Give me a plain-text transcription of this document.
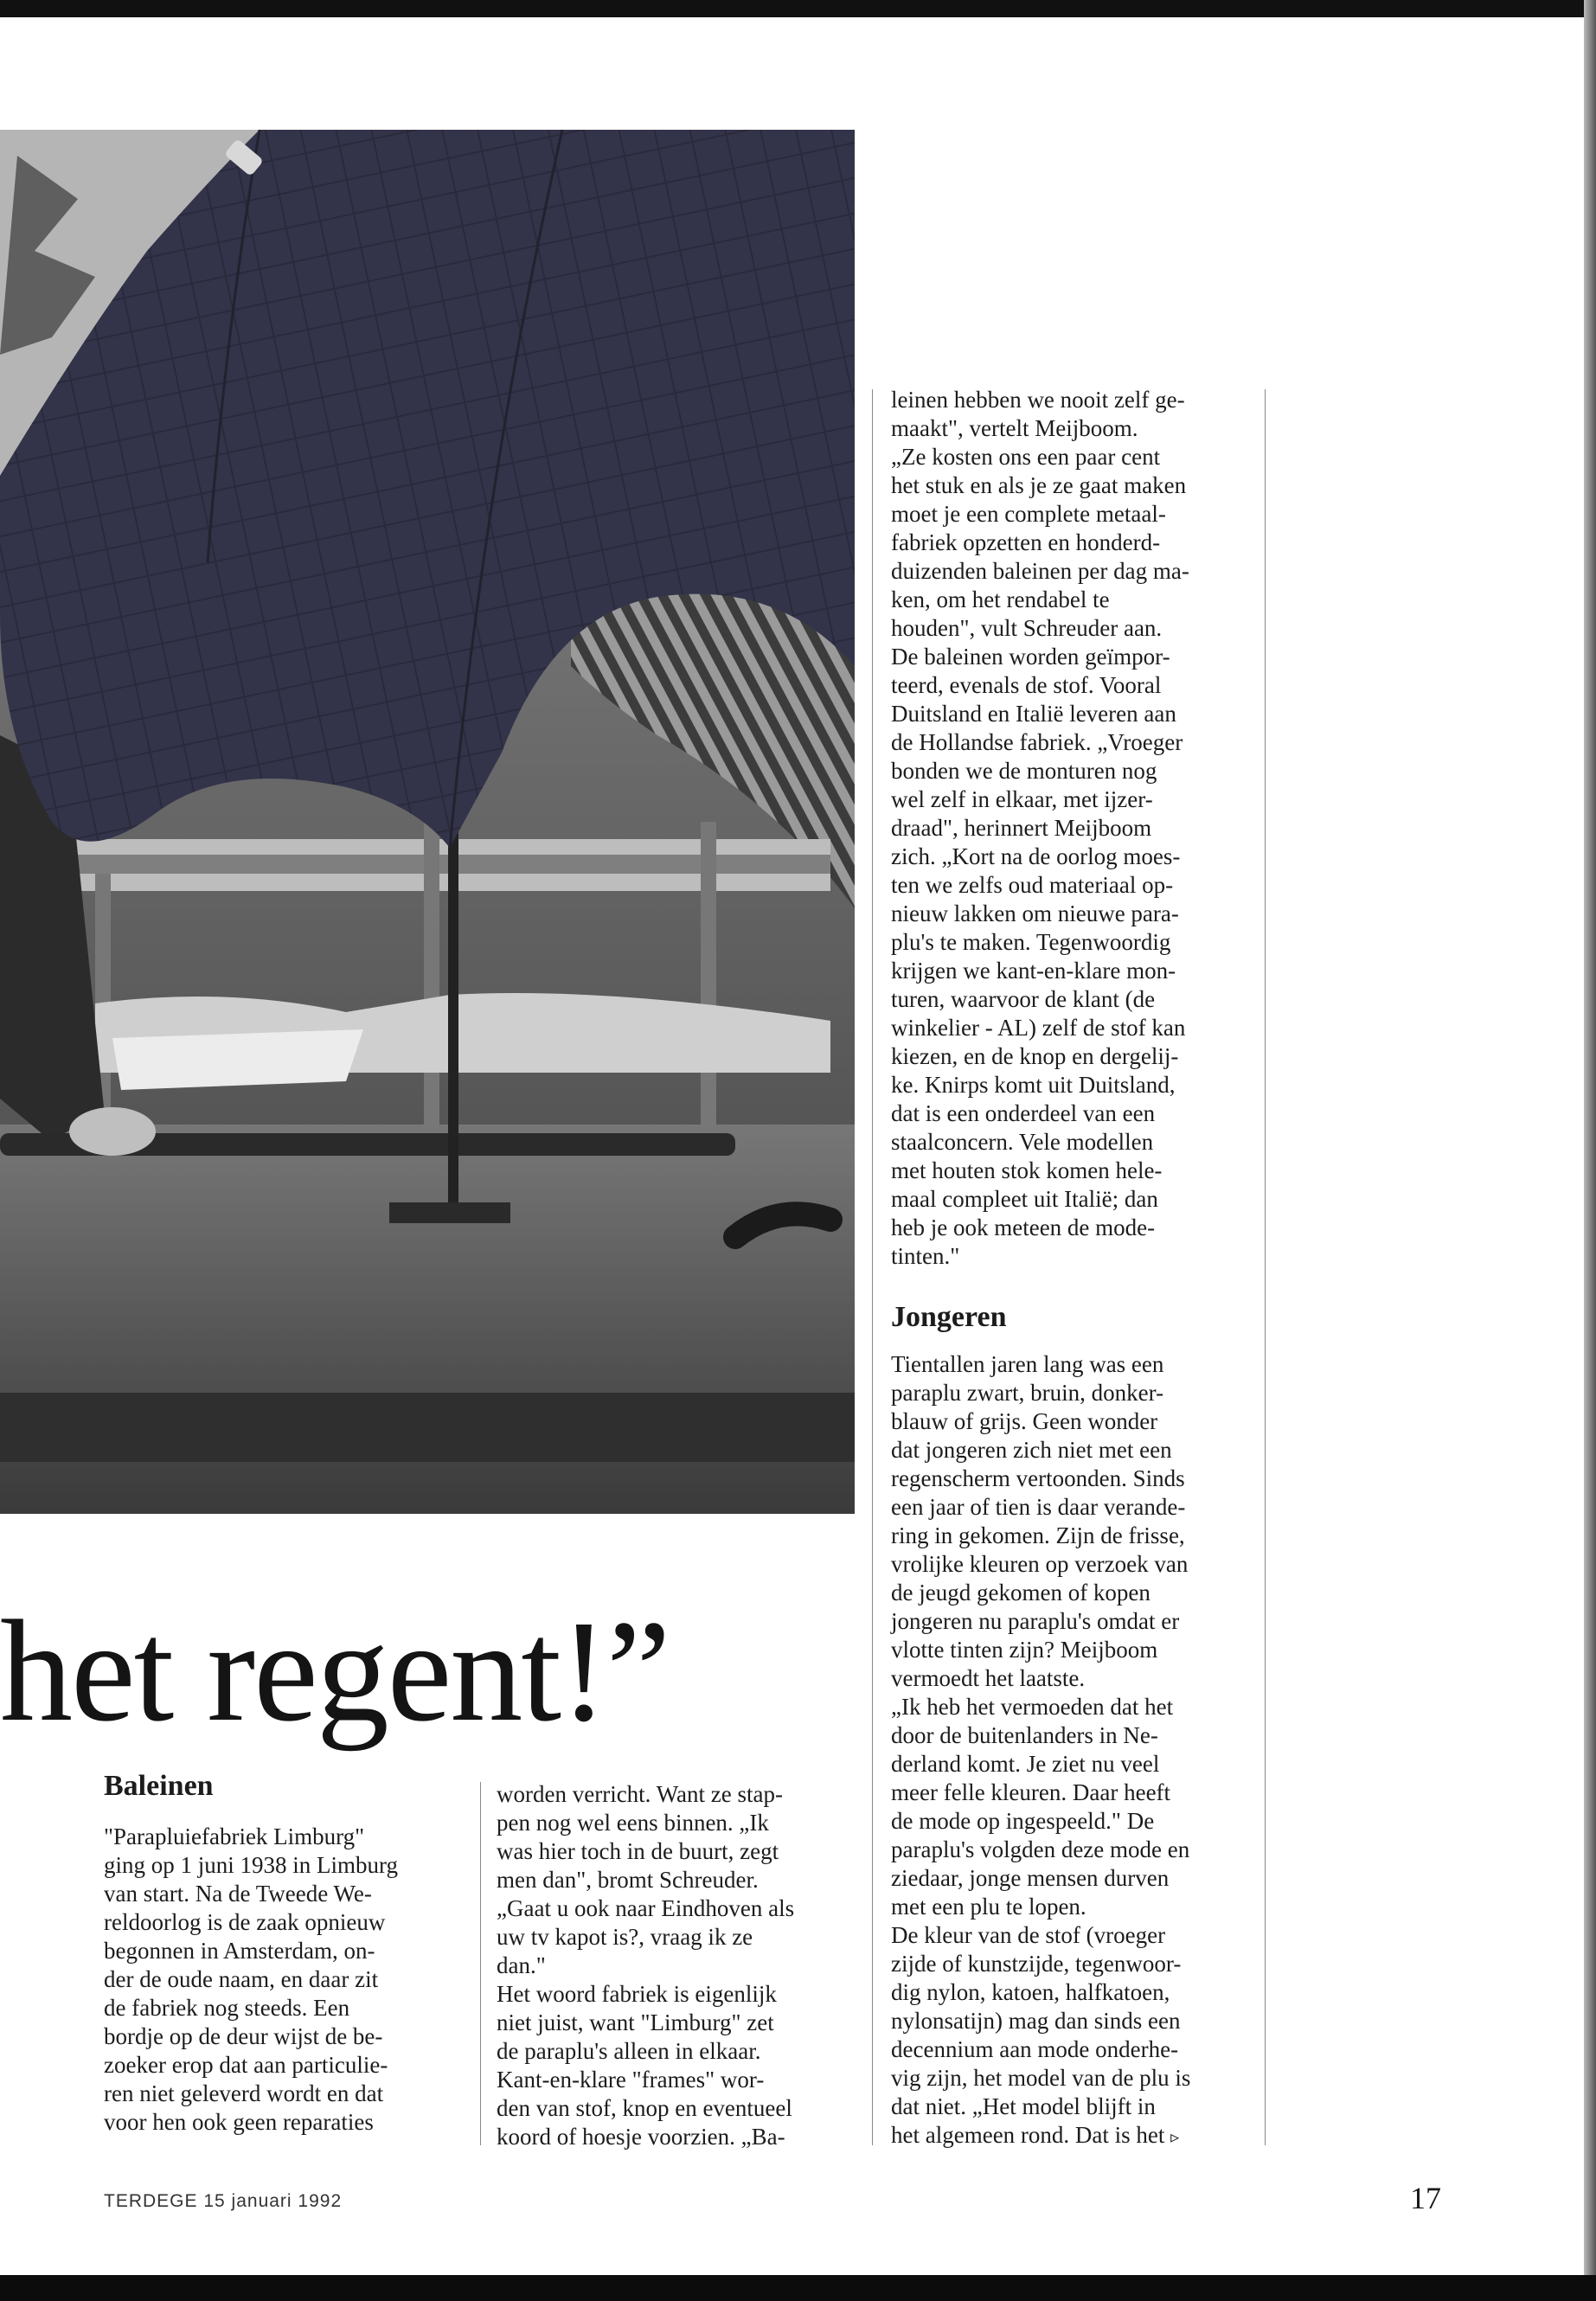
het regent!”
Baleinen

"Parapluiefabriek Limburg"
ging op 1 juni 1938 in Limburg
van start. Na de Tweede We-
reldoorlog is de zaak opnieuw
begonnen in Amsterdam, on-
der de oude naam, en daar zit
de fabriek nog steeds. Een
bordje op de deur wijst de be-
zoeker erop dat aan particulie-
ren niet geleverd wordt en dat
voor hen ook geen reparaties

worden verricht. Want ze stap-
pen nog wel eens binnen. „Ik
was hier toch in de buurt, zegt
men dan", bromt Schreuder.
„Gaat u ook naar Eindhoven als
uw tv kapot is?, vraag ik ze
dan."
Het woord fabriek is eigenlijk
niet juist, want "Limburg" zet
de paraplu's alleen in elkaar.
Kant-en-klare "frames" wor-
den van stof, knop en eventueel
koord of hoesje voorzien. „Ba-

leinen hebben we nooit zelf ge-
maakt", vertelt Meijboom.
„Ze kosten ons een paar cent
het stuk en als je ze gaat maken
moet je een complete metaal-
fabriek opzetten en honderd-
duizenden baleinen per dag ma-
ken, om het rendabel te
houden", vult Schreuder aan.
De baleinen worden geïmpor-
teerd, evenals de stof. Vooral
Duitsland en Italië leveren aan
de Hollandse fabriek. „Vroeger
bonden we de monturen nog
wel zelf in elkaar, met ijzer-
draad", herinnert Meijboom
zich. „Kort na de oorlog moes-
ten we zelfs oud materiaal op-
nieuw lakken om nieuwe para-
plu's te maken. Tegenwoordig
krijgen we kant-en-klare mon-
turen, waarvoor de klant (de
winkelier - AL) zelf de stof kan
kiezen, en de knop en dergelij-
ke. Knirps komt uit Duitsland,
dat is een onderdeel van een
staalconcern. Vele modellen
met houten stok komen hele-
maal compleet uit Italië; dan
heb je ook meteen de mode-
tinten."

Jongeren

Tientallen jaren lang was een
paraplu zwart, bruin, donker-
blauw of grijs. Geen wonder
dat jongeren zich niet met een
regenscherm vertoonden. Sinds
een jaar of tien is daar verande-
ring in gekomen. Zijn de frisse,
vrolijke kleuren op verzoek van
de jeugd gekomen of kopen
jongeren nu paraplu's omdat er
vlotte tinten zijn? Meijboom
vermoedt het laatste.
„Ik heb het vermoeden dat het
door de buitenlanders in Ne-
derland komt. Je ziet nu veel
meer felle kleuren. Daar heeft
de mode op ingespeeld." De
paraplu's volgden deze mode en
ziedaar, jonge mensen durven
met een plu te lopen.
De kleur van de stof (vroeger
zijde of kunstzijde, tegenwoor-
dig nylon, katoen, halfkatoen,
nylonsatijn) mag dan sinds een
decennium aan mode onderhe-
vig zijn, het model van de plu is
dat niet. „Het model blijft in
het algemeen rond. Dat is het ▹

TERDEGE 15 januari 1992	17
